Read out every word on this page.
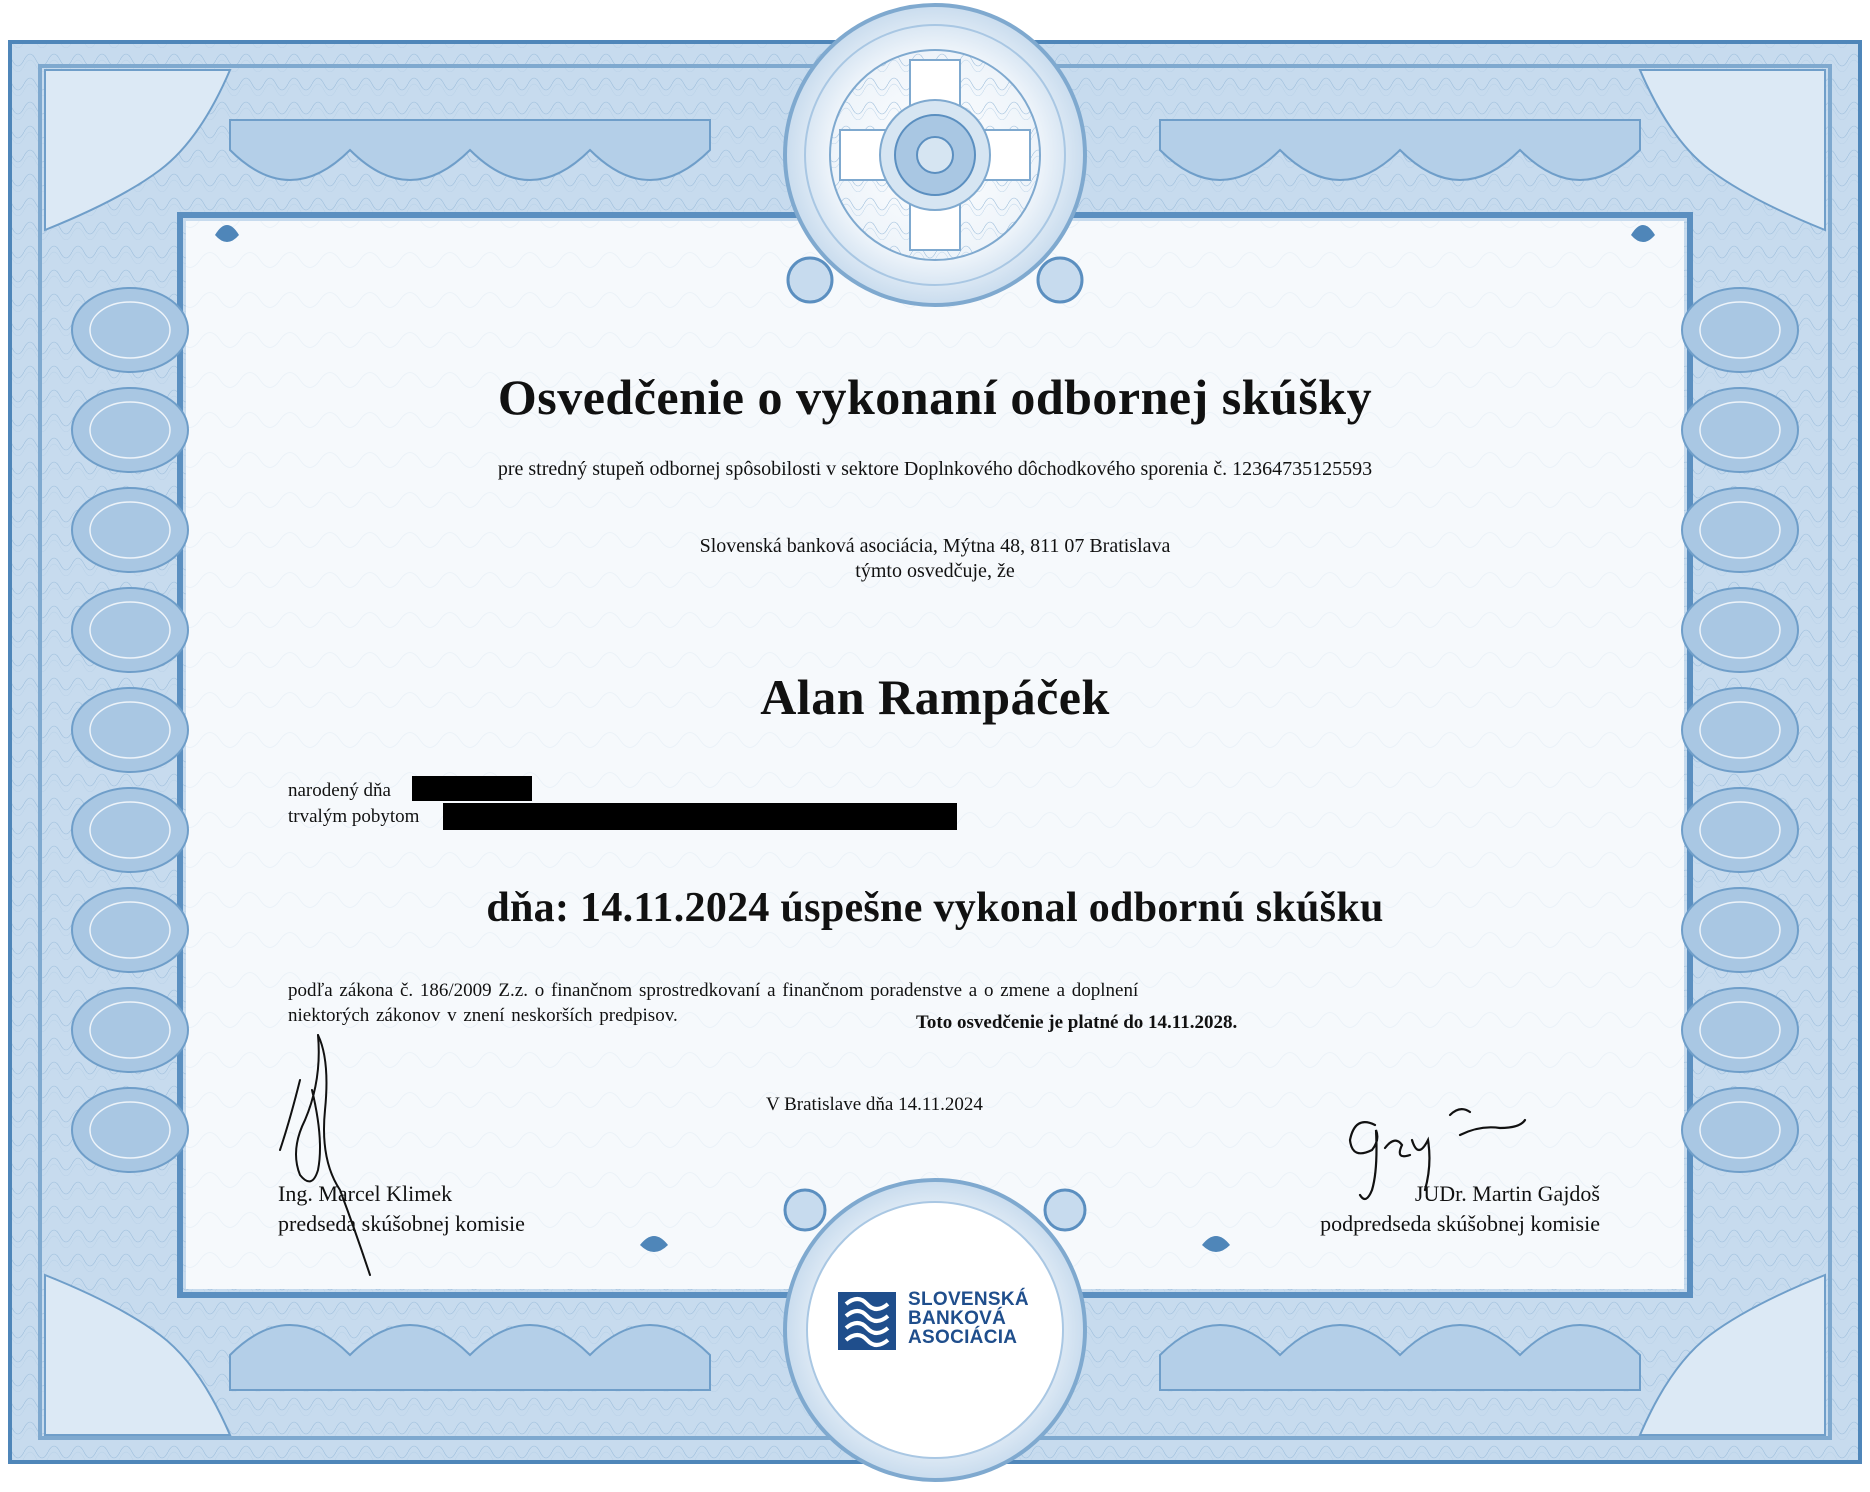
Osvedčenie o vykonaní odbornej skúšky

pre stredný stupeň odbornej spôsobilosti v sektore Doplnkového dôchodkového sporenia č. 12364735125593

Slovenská banková asociácia, Mýtna 48, 811 07 Bratislava

týmto osvedčuje, že

Alan Rampáček

narodený dňa

trvalým pobytom

dňa: 14.11.2024 úspešne vykonal odbornú skúšku

podľa zákona č. 186/2009 Z.z. o finančnom sprostredkovaní a finančnom poradenstve a o zmene a doplnení

niektorých zákonov v znení neskorších predpisov.	Toto osvedčenie je platné do 14.11.2028.

V Bratislave dňa 14.11.2024

Ing. Marcel Klimek

predseda skúšobnej komisie

JUDr. Martin Gajdoš

podpredseda skúšobnej komisie

SLOVENSKÁ
BANKOVÁ
ASOCIÁCIA
